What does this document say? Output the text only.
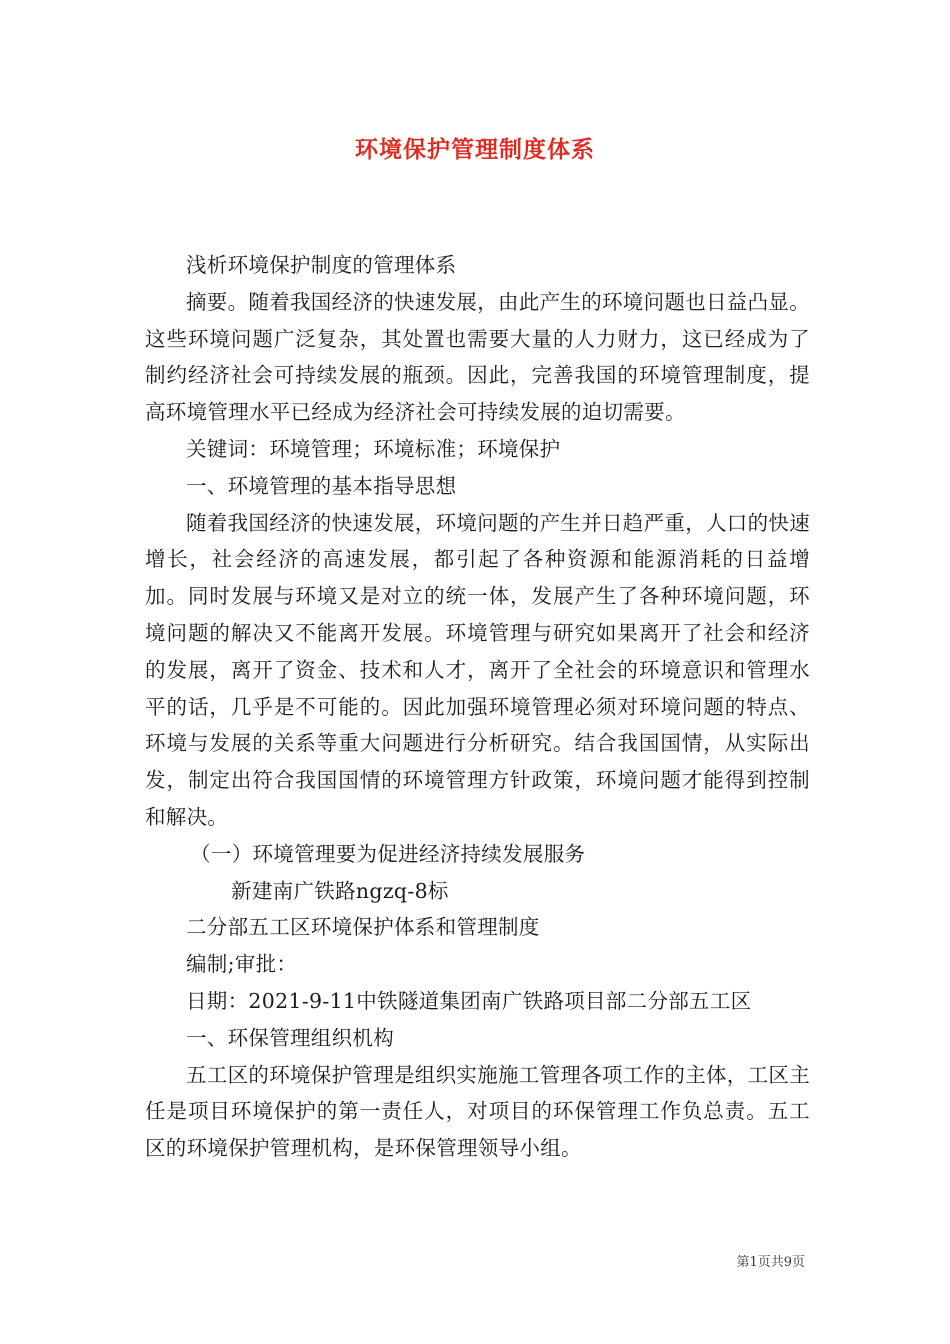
环境保护管理制度体系

浅析环境保护制度的管理体系

摘要。随着我国经济的快速发展，由此产生的环境问题也日益凸显。这些环境问题广泛复杂，其处置也需要大量的人力财力，这已经成为了制约经济社会可持续发展的瓶颈。因此，完善我国的环境管理制度，提高环境管理水平已经成为经济社会可持续发展的迫切需要。

关键词：环境管理；环境标准；环境保护

一、环境管理的基本指导思想

随着我国经济的快速发展，环境问题的产生并日趋严重，人口的快速增长，社会经济的高速发展，都引起了各种资源和能源消耗的日益增加。同时发展与环境又是对立的统一体，发展产生了各种环境问题，环境问题的解决又不能离开发展。环境管理与研究如果离开了社会和经济的发展，离开了资金、技术和人才，离开了全社会的环境意识和管理水平的话，几乎是不可能的。因此加强环境管理必须对环境问题的特点、环境与发展的关系等重大问题进行分析研究。结合我国国情，从实际出发，制定出符合我国国情的环境管理方针政策，环境问题才能得到控制和解决。

（一）环境管理要为促进经济持续发展服务

新建南广铁路ngzq-8标

二分部五工区环境保护体系和管理制度

编制;审批：

日期：2021-9-11中铁隧道集团南广铁路项目部二分部五工区

一、环保管理组织机构

五工区的环境保护管理是组织实施施工管理各项工作的主体，工区主任是项目环境保护的第一责任人，对项目的环保管理工作负总责。五工区的环境保护管理机构，是环保管理领导小组。

第1页共9页
